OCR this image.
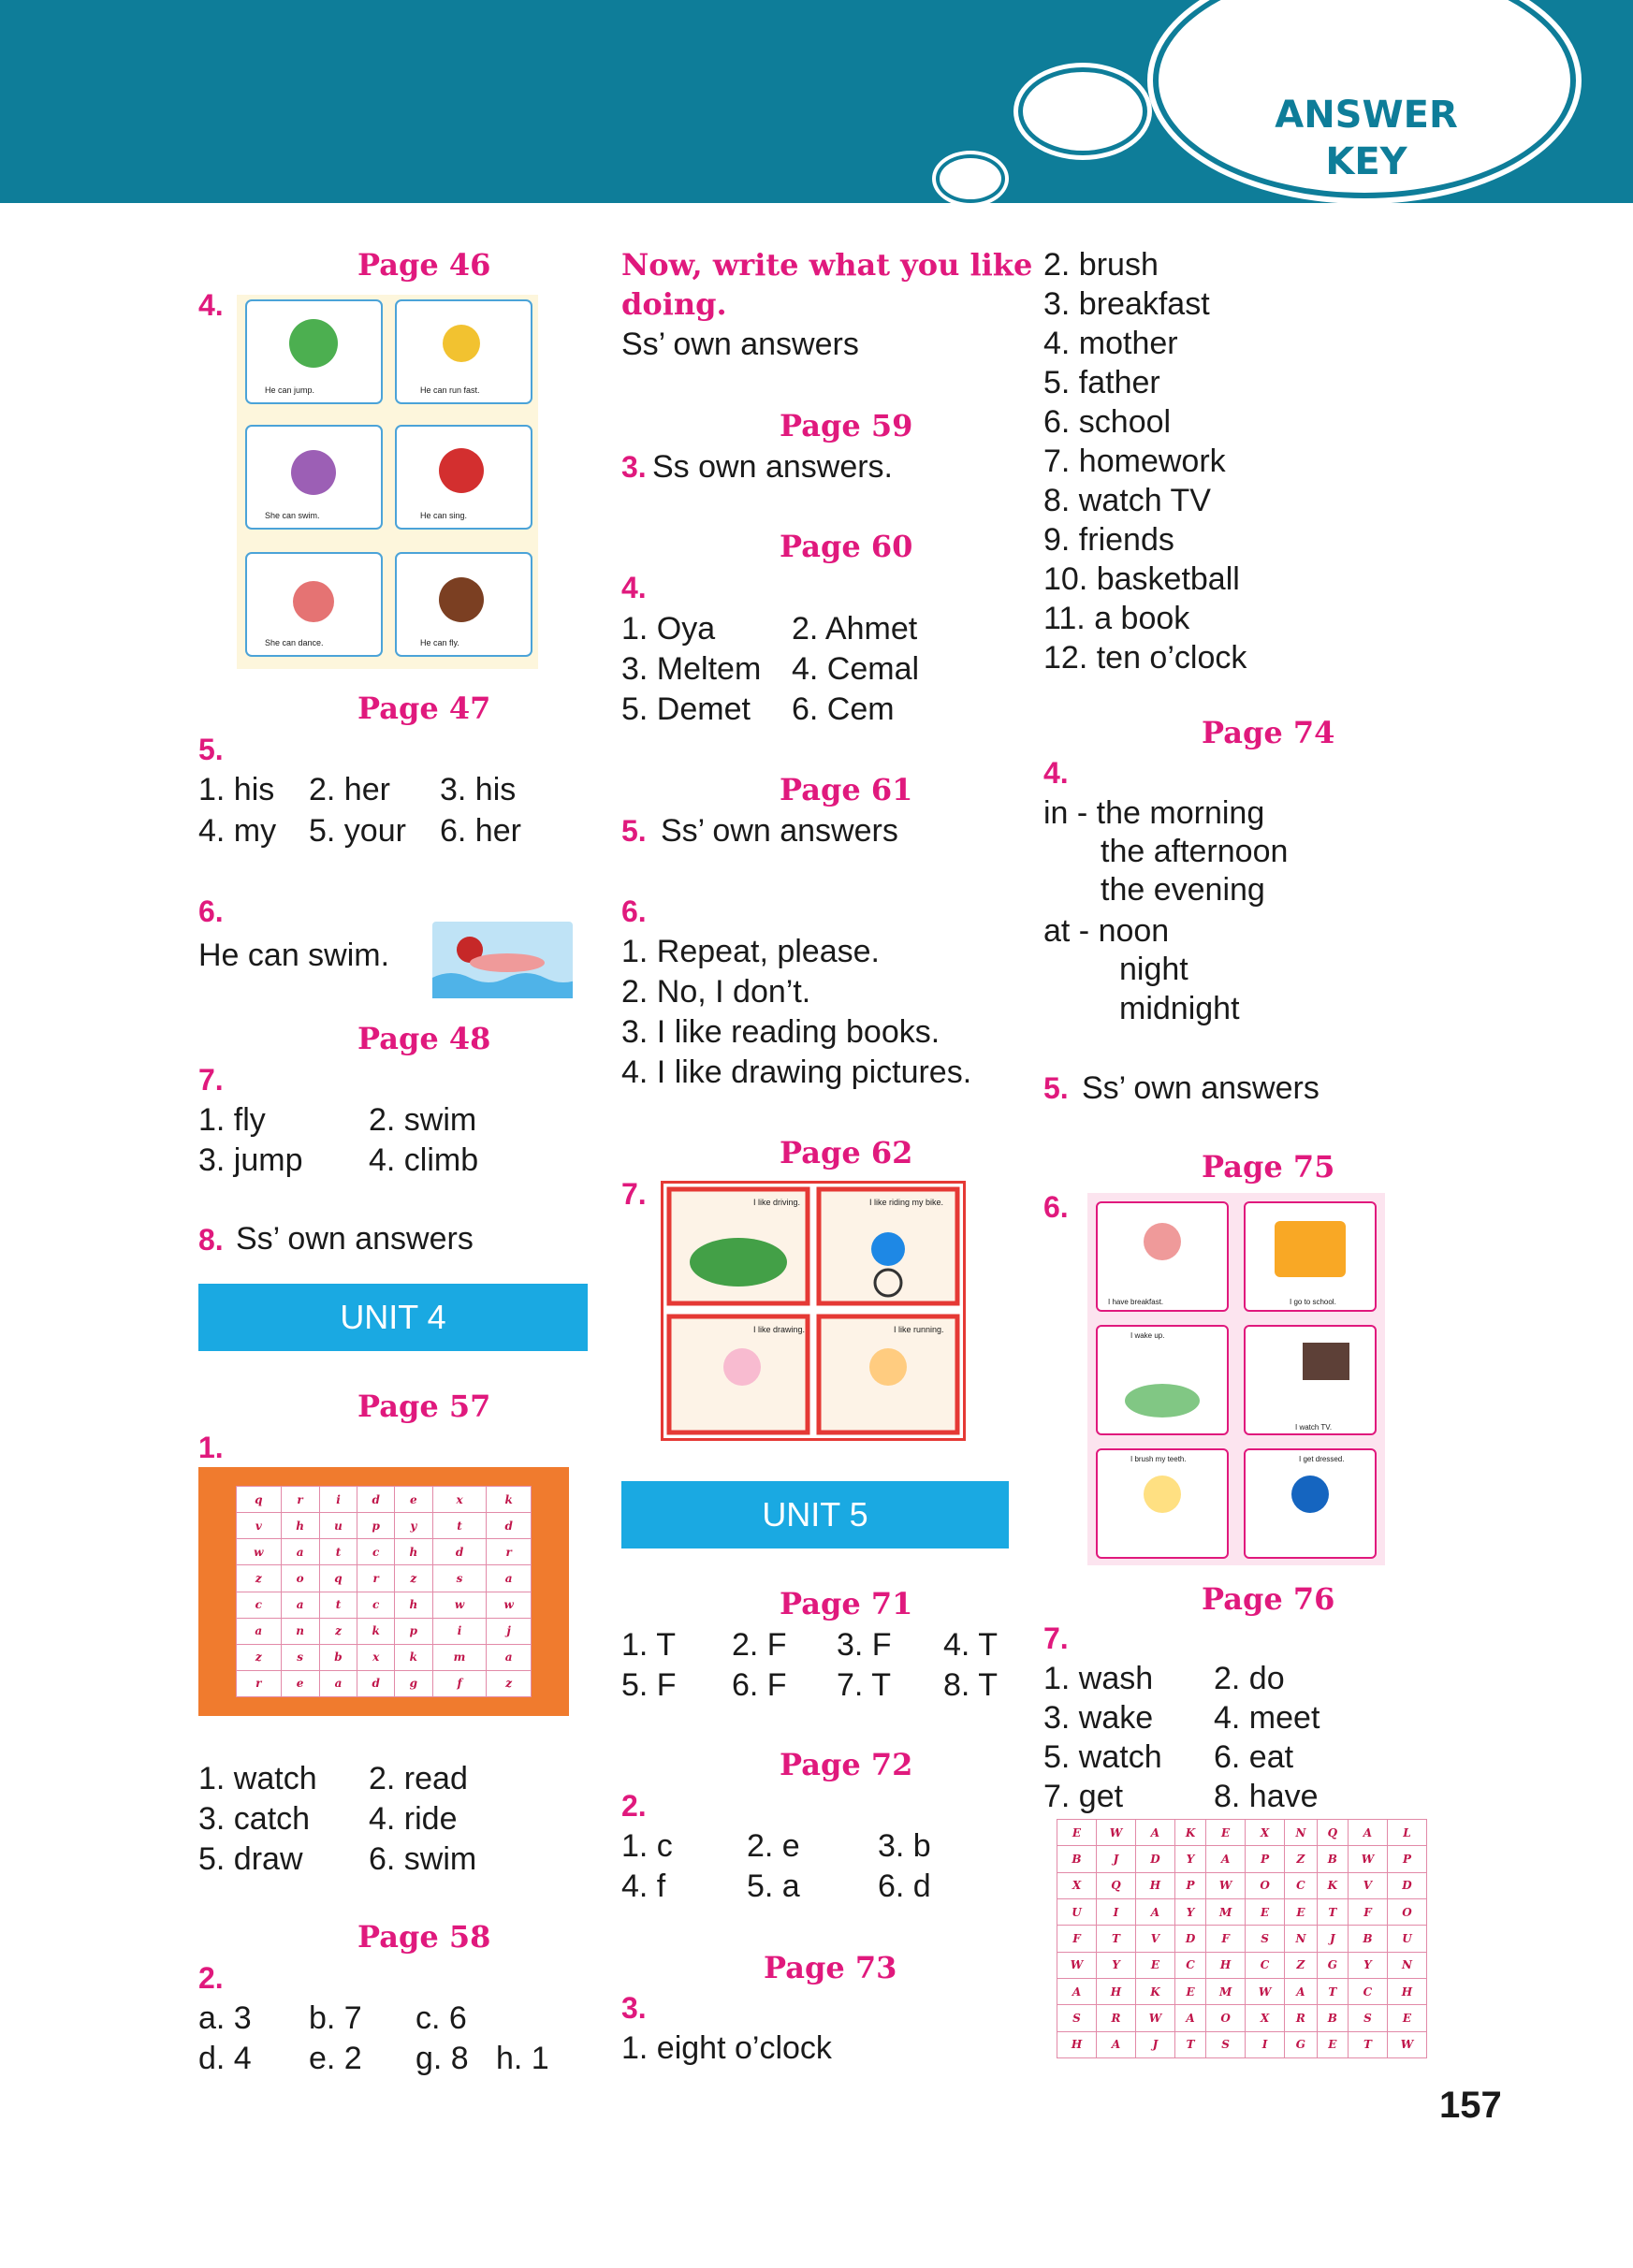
ANSWER
KEY
Page 46
4.
He can jump.	He can run fast.
She can swim.	He can sing.
She can dance.	He can fly.
Page 47
5.
1. his 2. her 3. his
4. my 5. your 6. her
6.
He can swim.
Page 48
7.
1. fly	2. swim
3. jump 4. climb
8. Ss’ own answers
UNIT 4
Page 57
1.
q	r	i	d	e	x	k
v	h	u	p	y	t	d
w	a	t	c	h	d	r
z	o	q	r	z	s	a
c	a	t	c	h	w	w
a	n	z	k	p	i	j
z	s	b	x	k	m	a
r	e	a	d	g	f	z
1. watch 2. read
3. catch 4. ride
5. draw 6. swim
Page 58
2.
a. 3 b. 7 c. 6
d. 4 e. 2 g. 8 h. 1
Now, write what you like
doing.
Ss’ own answers
Page 59
3. Ss own answers.
Page 60
4.
1. Oya 2. Ahmet
3. Meltem 4. Cemal
5. Demet 6. Cem
Page 61
5. Ss’ own answers
6.
1. Repeat, please.
2. No, I don’t.
3. I like reading books.
4. I like drawing pictures.
Page 62
7.	I like driving.	I like riding my bike.
I like drawing.	I like running.
UNIT 5
Page 71
1. T 2. F 3. F 4. T
5. F 6. F 7. T 8. T
Page 72
2.
1. c 2. e 3. b
4. f	5. a 6. d
Page 73
3.
1. eight o’clock
2. brush
3. breakfast
4. mother
5. father
6. school
7. homework
8. watch TV
9. friends
10. basketball
11. a book
12. ten o’clock
Page 74
4.
in - the morning
the afternoon
the evening
at - noon
night
midnight
5. Ss’ own answers
Page 75
6.
I have breakfast.	I go to school.
I wake up.
I watch TV.
I brush my teeth.	I get dressed.
Page 76
7.
1. wash 2. do
3. wake 4. meet
5. watch 6. eat
7. get	8. have
E	W	A	K	E	X	N	Q	A	L
B	J	D	Y	A	P	Z	B	W	P
X	Q	H	P	W	O	C	K	V	D
U	I	A	Y	M	E	E	T	F	O
F	T	V	D	F	S	N	J	B	U
W	Y	E	C	H	C	Z	G	Y	N
A	H	K	E	M	W	A	T	C	H
S	R	W	A	O	X	R	B	S	E
H	A	J	T	S	I	G	E	T	W
157
